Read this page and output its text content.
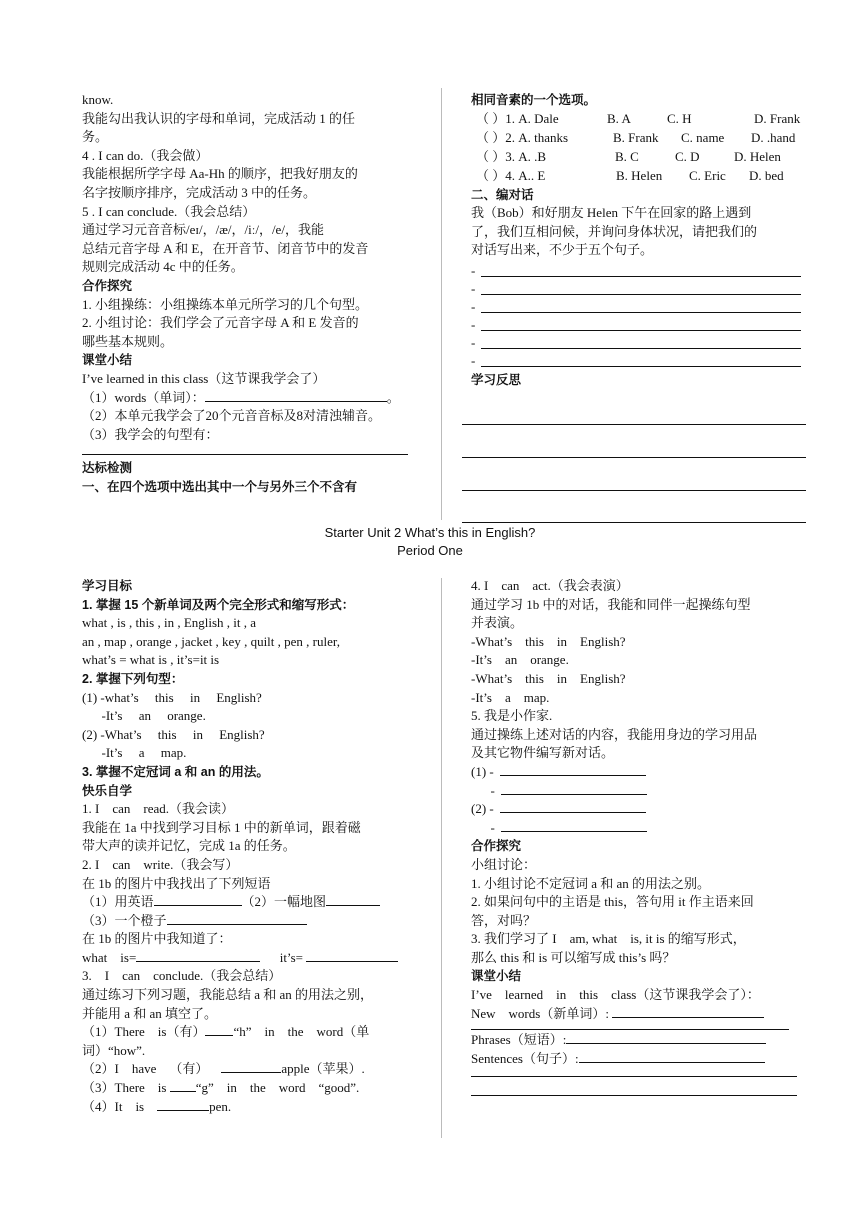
know.

我能勾出我认识的字母和单词，完成活动 1 的任

务。

4 . I can do.（我会做）

我能根据所学字母 Aa-Hh 的顺序，把我好朋友的

名字按顺序排序，完成活动 3 中的任务。

5 . I can conclude.（我会总结）

通过学习元音音标/eɪ/，/æ/，/iː/，/e/，我能

总结元音字母 A 和 E，在开音节、闭音节中的发音

规则完成活动 4c 中的任务。

合作探究

1. 小组操练：小组操练本单元所学习的几个句型。

2. 小组讨论：我们学会了元音字母 A 和 E 发音的

哪些基本规则。

课堂小结

I’ve learned in this class（这节课我学会了）

（1）words（单词）：	。

（2）本单元我学会了20个元音音标及8对清浊辅音。

（3）我学会的句型有：

达标检测

一、在四个选项中选出其中一个与另外三个不含有

相同音素的一个选项。

（ ）1. A. Dale	B. A	C. H	D. Frank
（ ）2. A. thanks	B. Frank C. name D. .hand
（ ）3. A. .B	B. C	C. D	D. Helen
（ ）4. A.. E	B. Helen C. Eric D. bed

二、编对话

我（Bob）和好朋友 Helen 下午在回家的路上遇到

了，我们互相问候，并询问身体状况，请把我们的

对话写出来，不少于五个句子。

-
-
-
-
-
-

学习反思

Starter Unit 2 What’s this in English?
Period One

学习目标

1. 掌握 15 个新单词及两个完全形式和缩写形式：

what , is , this , in , English , it , a

an , map , orange , jacket , key , quilt , pen , ruler,

what’s = what is , it’s=it is

2. 掌握下列句型：

(1) -what’s     this     in     English?

-It’s     an     orange.

(2) -What’s     this     in     English?

-It’s     a     map.

3. 掌握不定冠词 a 和 an 的用法。

快乐自学

1. I    can    read.（我会读）

我能在 1a 中找到学习目标 1 中的新单词，跟着磁

带大声的读并记忆，完成 1a 的任务。

2. I    can    write.（我会写）

在 1b 的图片中我找出了下列短语

（1）用英语	（2）一幅地图

（3）一个橙子

在 1b 的图片中我知道了：

what    is=	it’s=

3.    I    can    conclude.（我会总结）

通过练习下列习题，我能总结 a 和 an 的用法之别，

并能用 a 和 an 填空了。

（1）There    is（有） “h”    in    the    word（单

词）“how”.

（2）I    have    （有）	apple（苹果）.

（3）There    is “g”    in    the    word    “good”.

（4）It    is	pen.

4. I    can    act.（我会表演）

通过学习 1b 中的对话，我能和同伴一起操练句型

并表演。

-What’s    this    in    English?

-It’s    an    orange.

-What’s    this    in    English?

-It’s    a    map.

5. 我是小作家.

通过操练上述对话的内容，我能用身边的学习用品

及其它物件编写新对话。

(1) -

-

(2) -

-

合作探究

小组讨论：

1. 小组讨论不定冠词 a 和 an 的用法之别。

2. 如果问句中的主语是 this，答句用 it 作主语来回

答，对吗？

3. 我们学习了 I    am, what    is, it is 的缩写形式，

那么 this 和 is 可以缩写成 this’s 吗？

课堂小结

I’ve    learned    in    this    class（这节课我学会了）：

New    words（新单词）:

Phrases（短语）:

Sentences（句子）:
